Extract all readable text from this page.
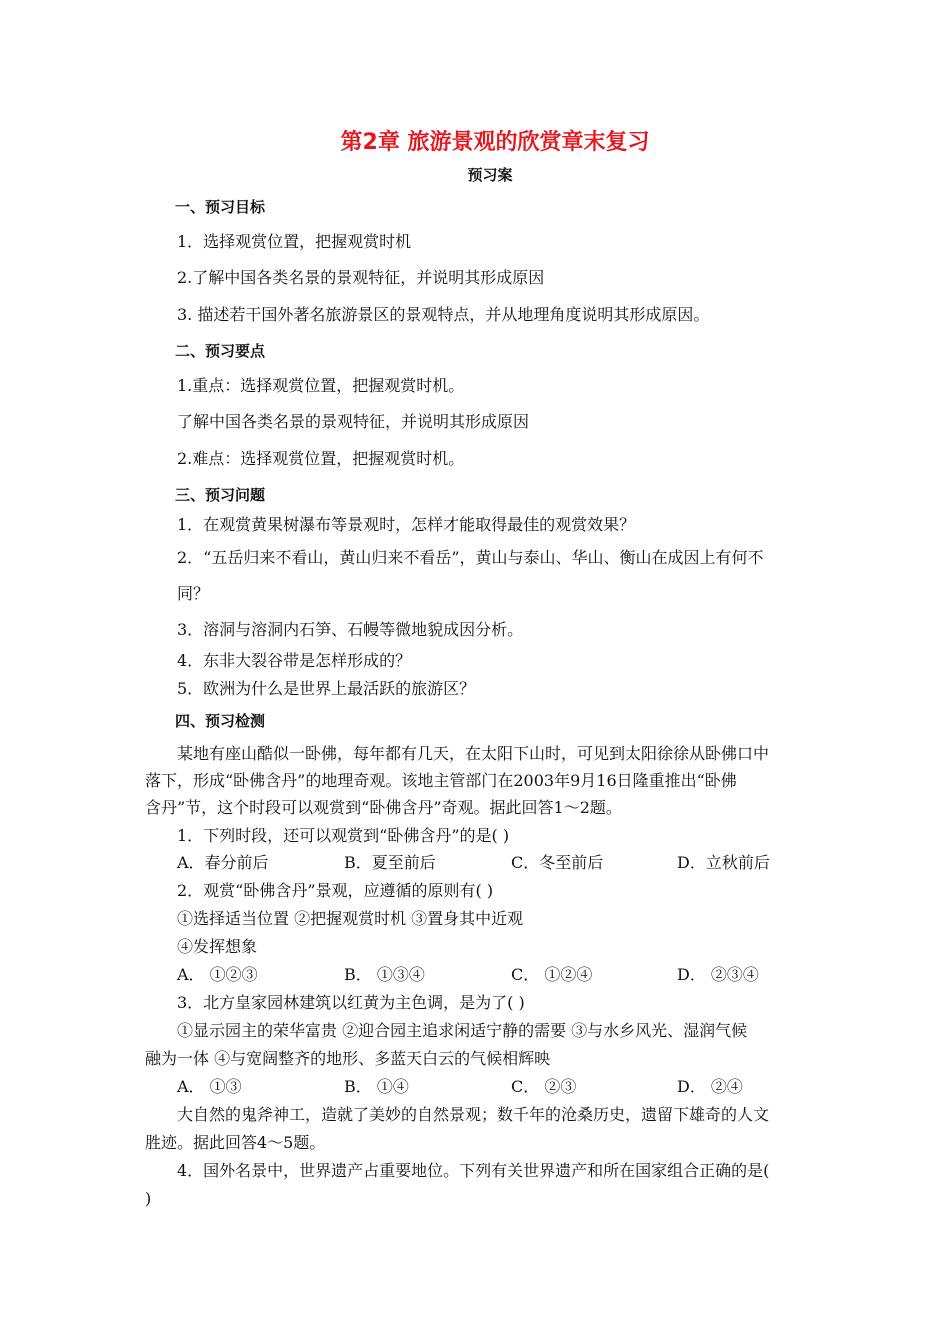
第2章 旅游景观的欣赏章末复习
预习案
一、预习目标
1．选择观赏位置，把握观赏时机
2.了解中国各类名景的景观特征，并说明其形成原因
3. 描述若干国外著名旅游景区的景观特点，并从地理角度说明其形成原因。
二、预习要点
1.重点：选择观赏位置，把握观赏时机。
了解中国各类名景的景观特征，并说明其形成原因
2.难点：选择观赏位置，把握观赏时机。
三、预习问题
1．在观赏黄果树瀑布等景观时，怎样才能取得最佳的观赏效果？
2．“五岳归来不看山，黄山归来不看岳”，黄山与泰山、华山、衡山在成因上有何不
同？
3．溶洞与溶洞内石笋、石幔等微地貌成因分析。
4．东非大裂谷带是怎样形成的？
5．欧洲为什么是世界上最活跃的旅游区？
四、预习检测
某地有座山酷似一卧佛，每年都有几天，在太阳下山时，可见到太阳徐徐从卧佛口中
落下，形成“卧佛含丹”的地理奇观。该地主管部门在2003年9月16日隆重推出“卧佛
含丹”节，这个时段可以观赏到“卧佛含丹”奇观。据此回答1～2题。
1．下列时段，还可以观赏到“卧佛含丹”的是( )
A．春分前后	B．夏至前后	C．冬至前后	D．立秋前后
2．观赏“卧佛含丹”景观，应遵循的原则有( )
①选择适当位置 ②把握观赏时机 ③置身其中近观
④发挥想象
A． ①②③	B． ①③④	C． ①②④	D． ②③④
3．北方皇家园林建筑以红黄为主色调，是为了( )
①显示园主的荣华富贵 ②迎合园主追求闲适宁静的需要 ③与水乡风光、湿润气候
融为一体 ④与宽阔整齐的地形、多蓝天白云的气候相辉映
A． ①③	B． ①④	C． ②③	D． ②④
大自然的鬼斧神工，造就了美妙的自然景观；数千年的沧桑历史，遗留下雄奇的人文
胜迹。据此回答4～5题。
4．国外名景中，世界遗产占重要地位。下列有关世界遗产和所在国家组合正确的是(
)
